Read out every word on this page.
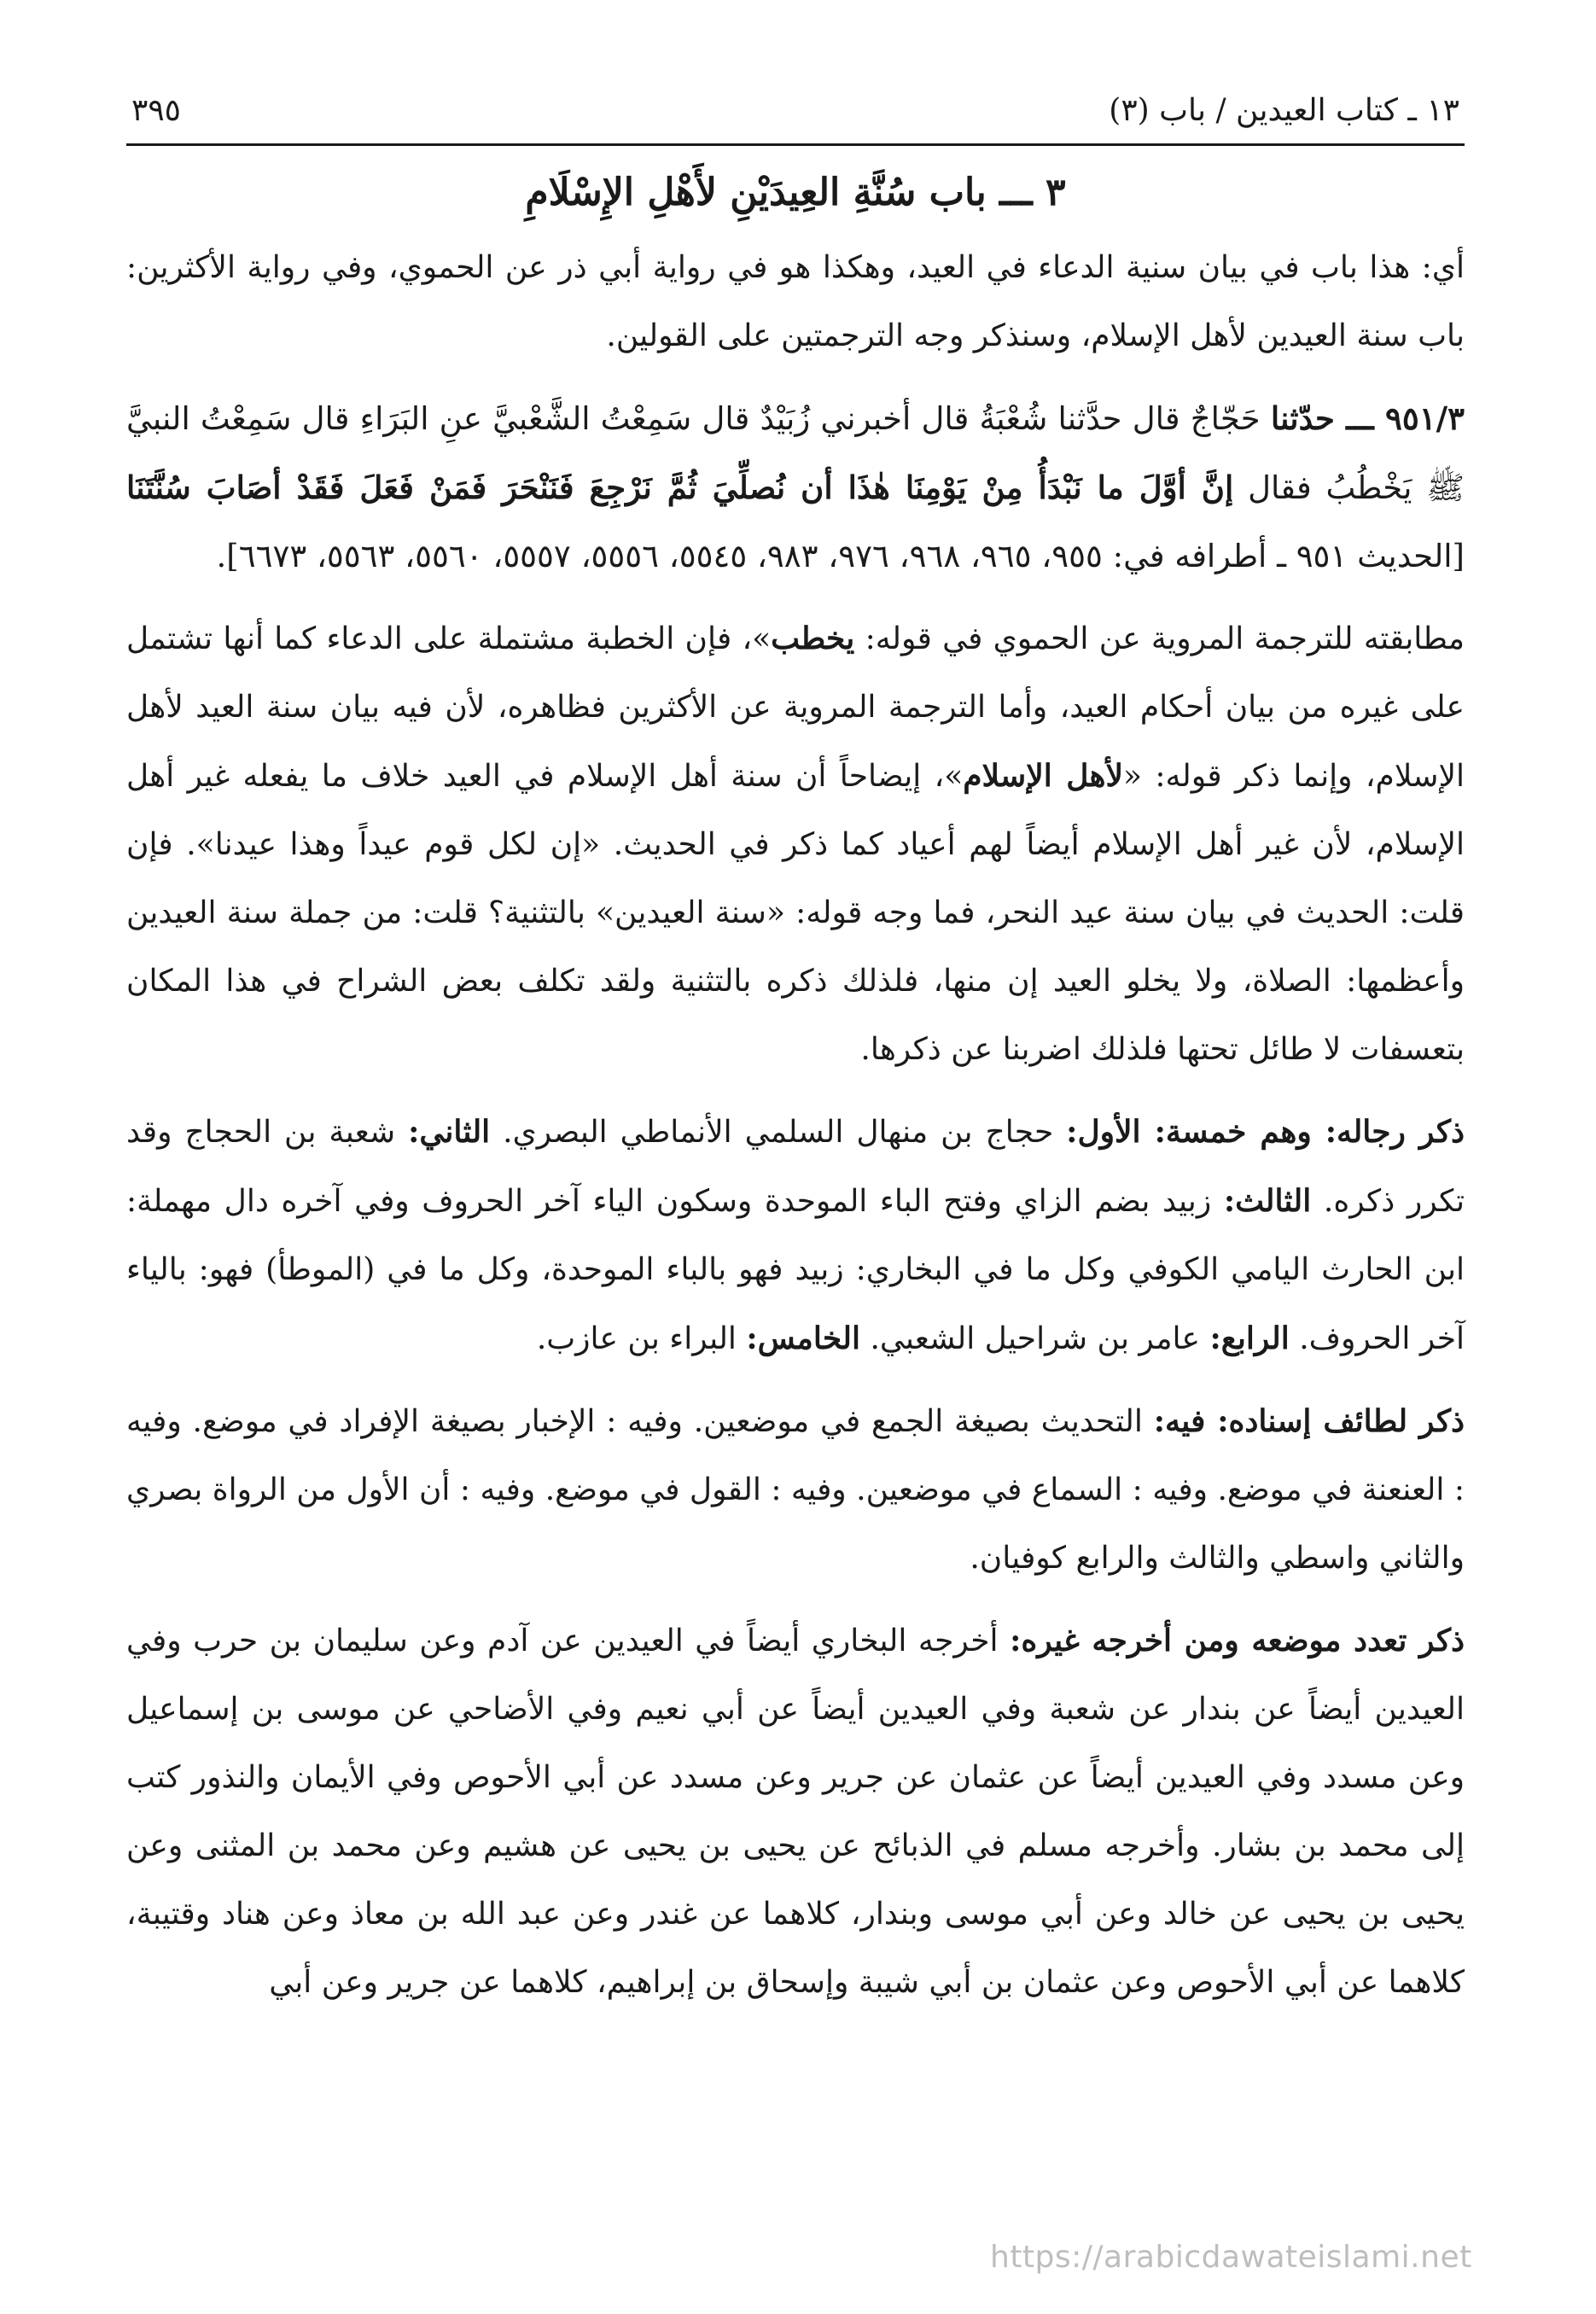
١٣ ـ كتاب العيدين / باب (٣)
٣٩٥
٣ ـــ باب سُنَّةِ العِيدَيْنِ لأَهْلِ الإِسْلَامِ

أي: هذا باب في بيان سنية الدعاء في العيد، وهكذا هو في رواية أبي ذر عن الحموي، وفي رواية الأكثرين: باب سنة العيدين لأهل الإسلام، وسنذكر وجه الترجمتين على القولين.

٩٥١/٣ ـــ حدّثنا حَجّاجٌ قال حدَّثنا شُعْبَةُ قال أخبرني زُبَيْدٌ قال سَمِعْتُ الشَّعْبيَّ عنِ البَرَاءِ قال سَمِعْتُ النبيَّ ﷺ يَخْطُبُ فقال إنَّ أوَّلَ ما نَبْدَأُ مِنْ يَوْمِنَا هٰذَا أن نُصلِّيَ ثُمَّ نَرْجِعَ فَنَنْحَرَ فَمَنْ فَعَلَ فَقَدْ أصَابَ سُنَّتَنَا [الحديث ٩٥١ ـ أطرافه في: ٩٥٥، ٩٦٥، ٩٦٨، ٩٧٦، ٩٨٣، ٥٥٤٥، ٥٥٥٦، ٥٥٥٧، ٥٥٦٠، ٥٥٦٣، ٦٦٧٣].

مطابقته للترجمة المروية عن الحموي في قوله: يخطب»، فإن الخطبة مشتملة على الدعاء كما أنها تشتمل على غيره من بيان أحكام العيد، وأما الترجمة المروية عن الأكثرين فظاهره، لأن فيه بيان سنة العيد لأهل الإسلام، وإنما ذكر قوله: «لأهل الإسلام»، إيضاحاً أن سنة أهل الإسلام في العيد خلاف ما يفعله غير أهل الإسلام، لأن غير أهل الإسلام أيضاً لهم أعياد كما ذكر في الحديث. «إن لكل قوم عيداً وهذا عيدنا». فإن قلت: الحديث في بيان سنة عيد النحر، فما وجه قوله: «سنة العيدين» بالتثنية؟ قلت: من جملة سنة العيدين وأعظمها: الصلاة، ولا يخلو العيد إن منها، فلذلك ذكره بالتثنية ولقد تكلف بعض الشراح في هذا المكان بتعسفات لا طائل تحتها فلذلك اضربنا عن ذكرها.

ذكر رجاله: وهم خمسة: الأول: حجاج بن منهال السلمي الأنماطي البصري. الثاني: شعبة بن الحجاج وقد تكرر ذكره. الثالث: زبيد بضم الزاي وفتح الباء الموحدة وسكون الياء آخر الحروف وفي آخره دال مهملة: ابن الحارث اليامي الكوفي وكل ما في البخاري: زبيد فهو بالباء الموحدة، وكل ما في (الموطأ) فهو: بالياء آخر الحروف. الرابع: عامر بن شراحيل الشعبي. الخامس: البراء بن عازب.

ذكر لطائف إسناده: فيه: التحديث بصيغة الجمع في موضعين. وفيه : الإخبار بصيغة الإفراد في موضع. وفيه : العنعنة في موضع. وفيه : السماع في موضعين. وفيه : القول في موضع. وفيه : أن الأول من الرواة بصري والثاني واسطي والثالث والرابع كوفيان.

ذكر تعدد موضعه ومن أخرجه غيره: أخرجه البخاري أيضاً في العيدين عن آدم وعن سليمان بن حرب وفي العيدين أيضاً عن بندار عن شعبة وفي العيدين أيضاً عن أبي نعيم وفي الأضاحي عن موسى بن إسماعيل وعن مسدد وفي العيدين أيضاً عن عثمان عن جرير وعن مسدد عن أبي الأحوص وفي الأيمان والنذور كتب إلى محمد بن بشار. وأخرجه مسلم في الذبائح عن يحيى بن يحيى عن هشيم وعن محمد بن المثنى وعن يحيى بن يحيى عن خالد وعن أبي موسى وبندار، كلاهما عن غندر وعن عبد الله بن معاذ وعن هناد وقتيبة، كلاهما عن أبي الأحوص وعن عثمان بن أبي شيبة وإسحاق بن إبراهيم، كلاهما عن جرير وعن أبي

https://arabicdawateislami.net
